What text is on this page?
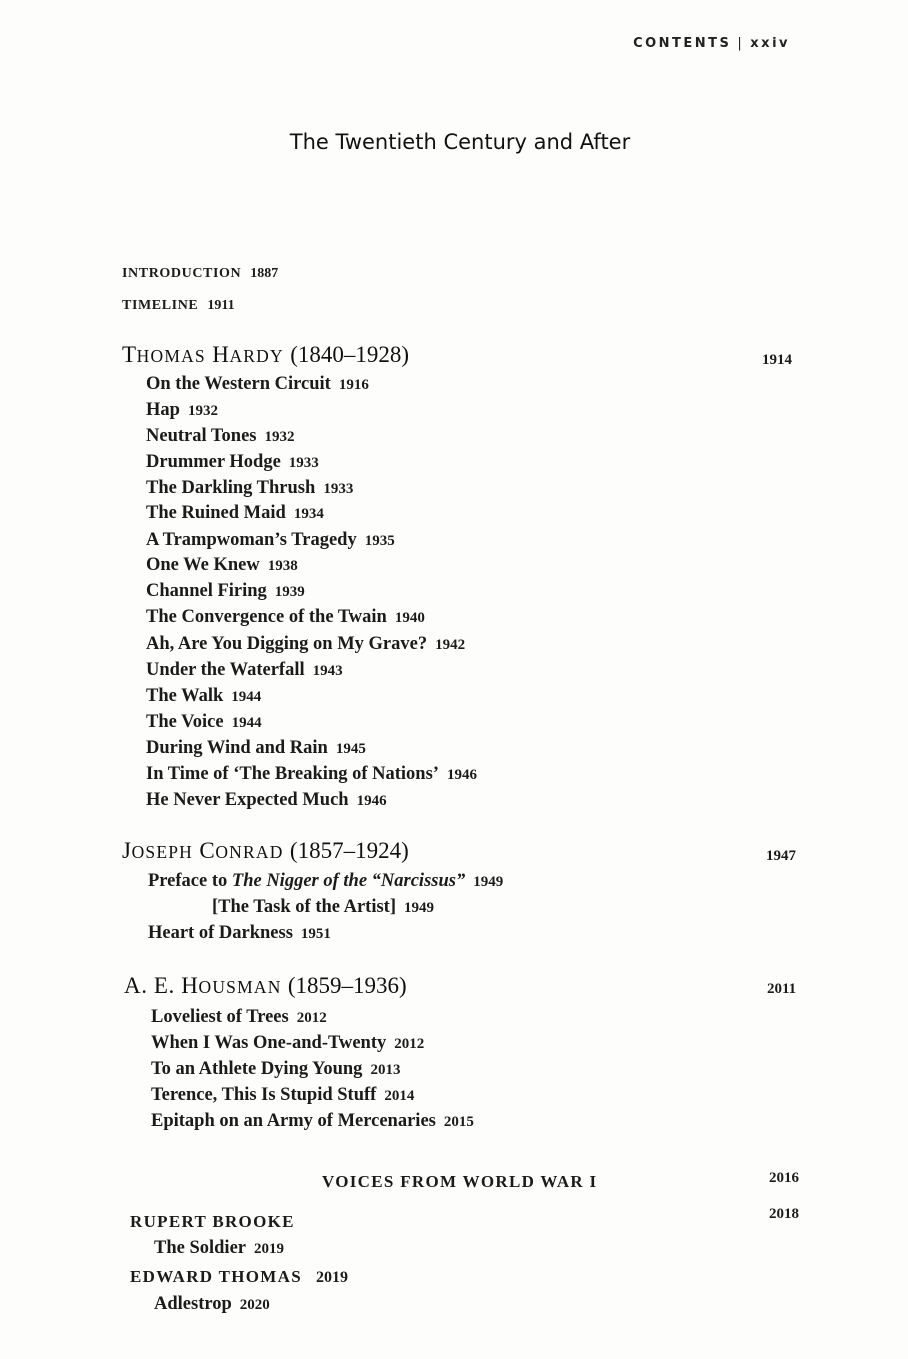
CONTENTS | xxiv
The Twentieth Century and After
INTRODUCTION 1887
TIMELINE 1911
THOMAS HARDY (1840–1928)	1914
On the Western Circuit 1916
Hap 1932
Neutral Tones 1932
Drummer Hodge 1933
The Darkling Thrush 1933
The Ruined Maid 1934
A Trampwoman’s Tragedy 1935
One We Knew 1938
Channel Firing 1939
The Convergence of the Twain 1940
Ah, Are You Digging on My Grave? 1942
Under the Waterfall 1943
The Walk 1944
The Voice 1944
During Wind and Rain 1945
In Time of ‘The Breaking of Nations’ 1946
He Never Expected Much 1946
JOSEPH CONRAD (1857–1924)	1947
Preface to The Nigger of the “Narcissus” 1949
[The Task of the Artist] 1949
Heart of Darkness 1951
A. E. HOUSMAN (1859–1936)	2011
Loveliest of Trees 2012
When I Was One-and-Twenty 2012
To an Athlete Dying Young 2013
Terence, This Is Stupid Stuff 2014
Epitaph on an Army of Mercenaries 2015
VOICES FROM WORLD WAR I	2016
RUPERT BROOKE	2018
The Soldier 2019
EDWARD THOMAS 2019
Adlestrop 2020
